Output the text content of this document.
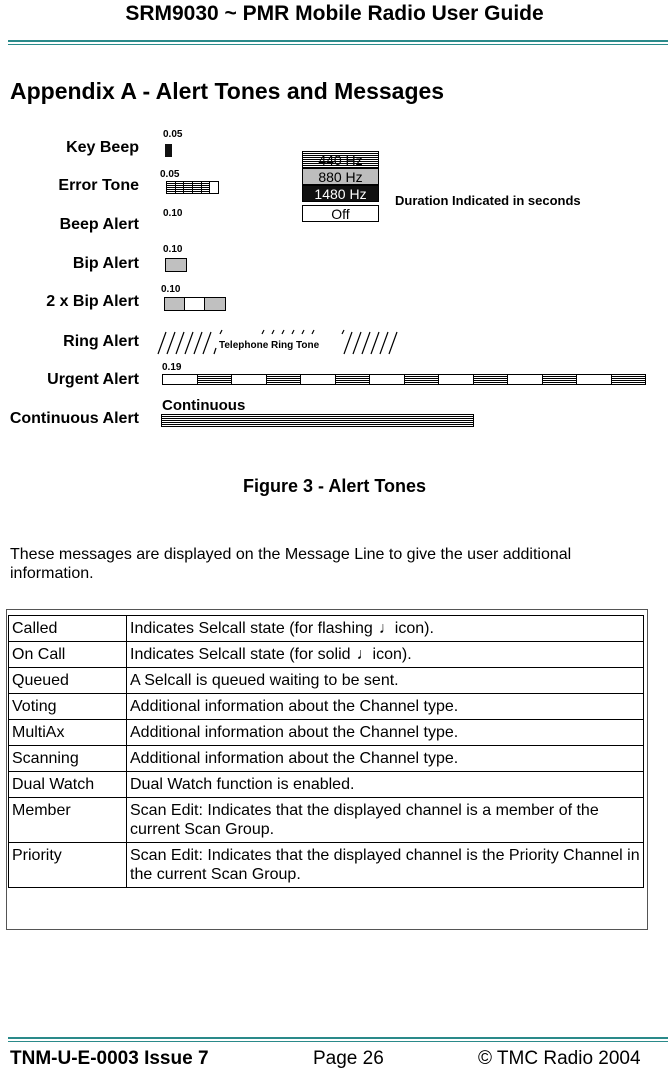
SRM9030 ~ PMR Mobile Radio User Guide
Appendix A - Alert Tones and Messages
Key Beep
Error Tone
Beep Alert
Bip Alert
2 x Bip Alert
Ring Alert
Urgent Alert
Continuous Alert
0.05
0.05
0.10
0.10
0.10
0.19
Telephone Ring Tone
Continuous
440 Hz
880 Hz
1480 Hz
Off
Duration Indicated in seconds
Figure 3 - Alert Tones
These messages are displayed on the Message Line to give the user additional information.
Called	Indicates Selcall state (for flashing ♩icon).
On Call	Indicates Selcall state (for solid ♩icon).
Queued	A Selcall is queued waiting to be sent.
Voting	Additional information about the Channel type.
MultiAx	Additional information about the Channel type.
Scanning	Additional information about the Channel type.
Dual Watch	Dual Watch function is enabled.
Member	Scan Edit: Indicates that the displayed channel is a member of the current Scan Group.
Priority	Scan Edit: Indicates that the displayed channel is the Priority Channel in the current Scan Group.
TNM-U-E-0003 Issue 7	Page 26	© TMC Radio 2004
